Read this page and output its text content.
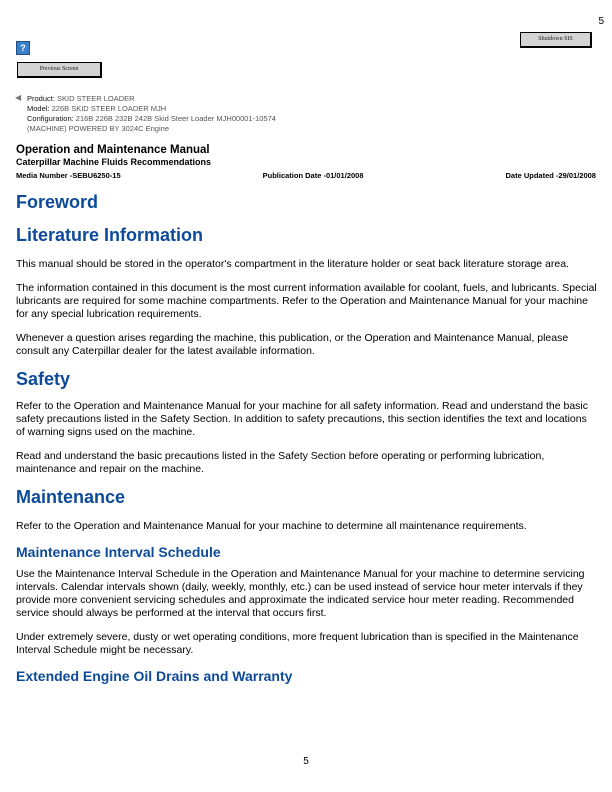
5
Shutdown SIS
?
Previous Screen
◀ Product: SKID STEER LOADER
Model: 226B SKID STEER LOADER MJH
Configuration: 216B 226B 232B 242B Skid Steer Loader MJH00001-10574
(MACHINE) POWERED BY 3024C Engine
Operation and Maintenance Manual
Caterpillar Machine Fluids Recommendations
Media Number -SEBU6250-15	Publication Date -01/01/2008	Date Updated -29/01/2008
Foreword
Literature Information

This manual should be stored in the operator's compartment in the literature holder or seat back literature storage area.

The information contained in this document is the most current information available for coolant, fuels, and lubricants. Special lubricants are required for some machine compartments. Refer to the Operation and Maintenance Manual for your machine for any special lubrication requirements.

Whenever a question arises regarding the machine, this publication, or the Operation and Maintenance Manual, please consult any Caterpillar dealer for the latest available information.

Safety

Refer to the Operation and Maintenance Manual for your machine for all safety information. Read and understand the basic safety precautions listed in the Safety Section. In addition to safety precautions, this section identifies the text and locations of warning signs used on the machine.

Read and understand the basic precautions listed in the Safety Section before operating or performing lubrication, maintenance and repair on the machine.

Maintenance

Refer to the Operation and Maintenance Manual for your machine to determine all maintenance requirements.

Maintenance Interval Schedule

Use the Maintenance Interval Schedule in the Operation and Maintenance Manual for your machine to determine servicing intervals. Calendar intervals shown (daily, weekly, monthly, etc.) can be used instead of service hour meter intervals if they provide more convenient servicing schedules and approximate the indicated service hour meter reading. Recommended service should always be performed at the interval that occurs first.

Under extremely severe, dusty or wet operating conditions, more frequent lubrication than is specified in the Maintenance Interval Schedule might be necessary.

Extended Engine Oil Drains and Warranty
5
